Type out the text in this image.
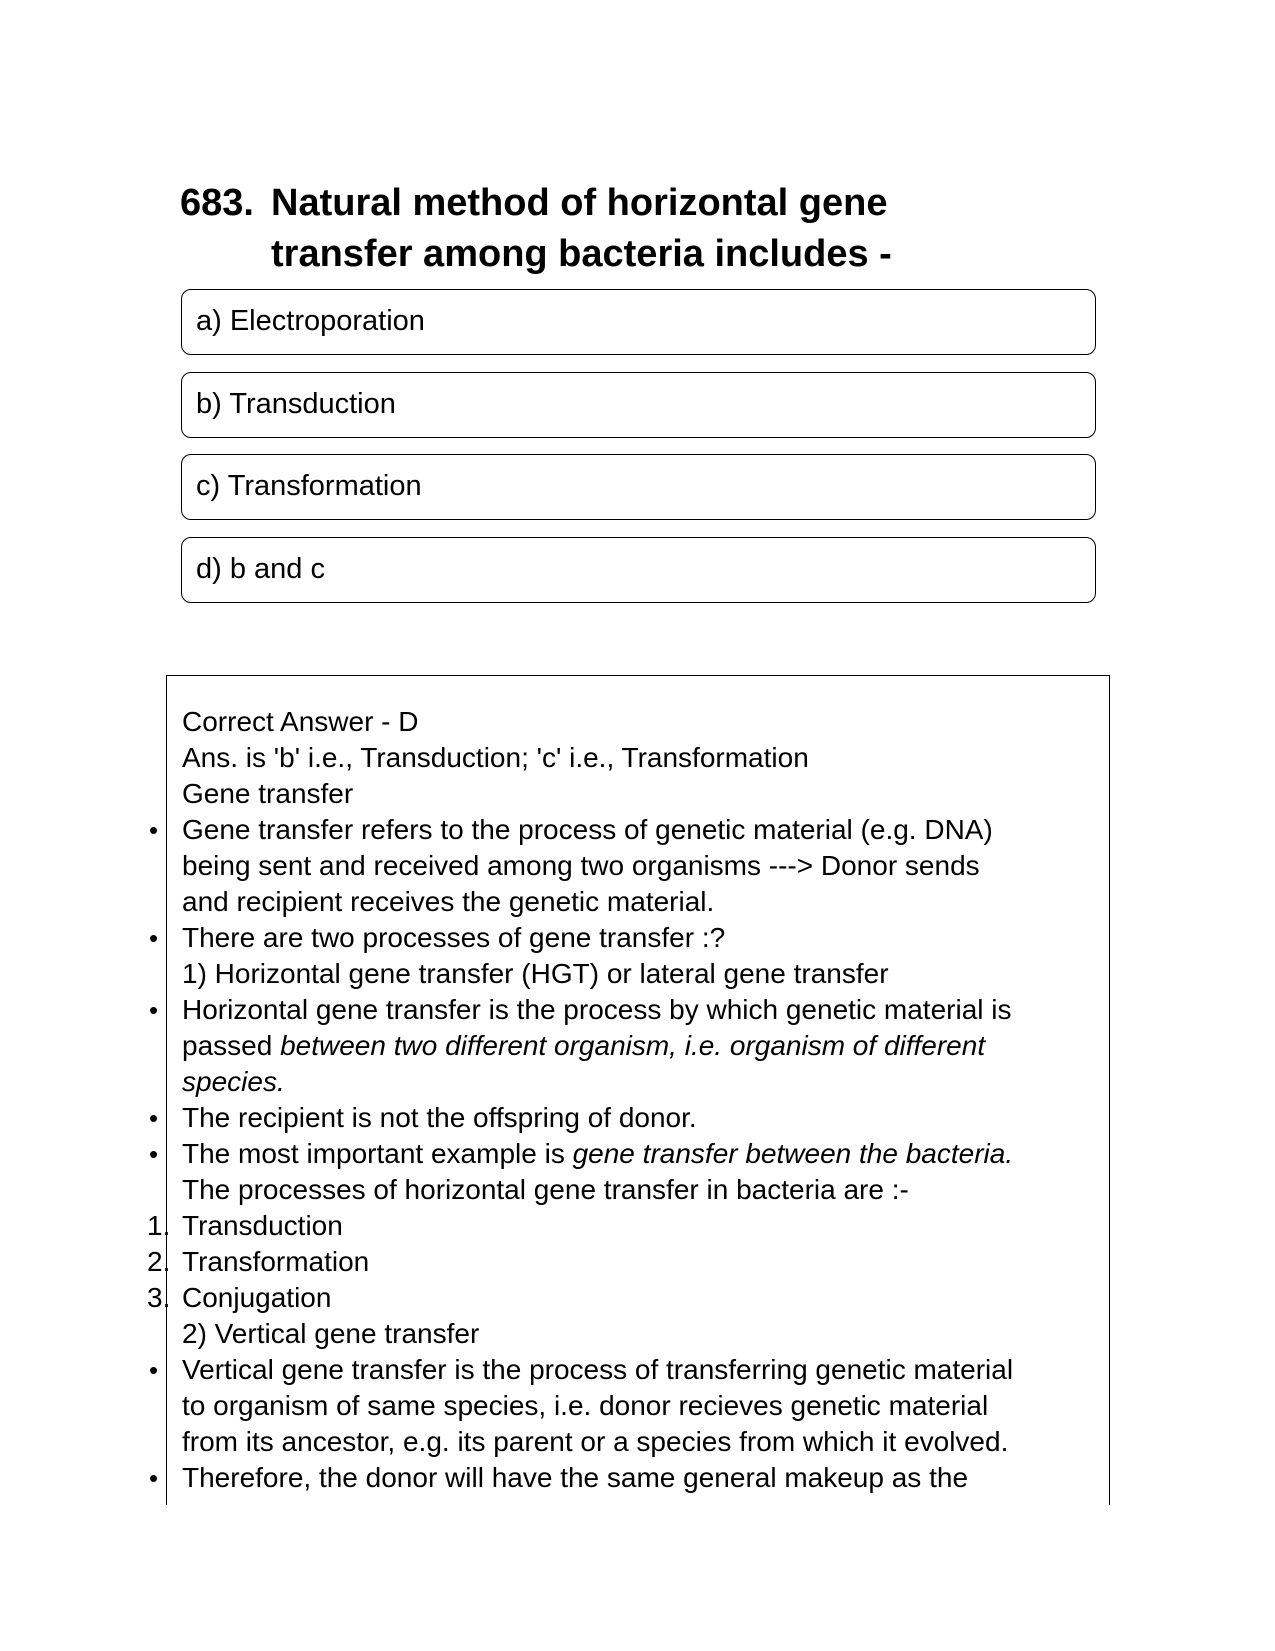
683. Natural method of horizontal gene
transfer among bacteria includes -
a) Electroporation
b) Transduction
c) Transformation
d) b and c
Correct Answer - D
Ans. is 'b' i.e., Transduction; 'c' i.e., Transformation
Gene transfer
• Gene transfer refers to the process of genetic material (e.g. DNA)
being sent and received among two organisms ---> Donor sends
and recipient receives the genetic material.
• There are two processes of gene transfer :?
1) Horizontal gene transfer (HGT) or lateral gene transfer
• Horizontal gene transfer is the process by which genetic material is
passed between two different organism, i.e. organism of different
species.
• The recipient is not the offspring of donor.
• The most important example is gene transfer between the bacteria.
The processes of horizontal gene transfer in bacteria are :-
1. Transduction
2. Transformation
3. Conjugation
2) Vertical gene transfer
• Vertical gene transfer is the process of transferring genetic material
to organism of same species, i.e. donor recieves genetic material
from its ancestor, e.g. its parent or a species from which it evolved.
• Therefore, the donor will have the same general makeup as the
